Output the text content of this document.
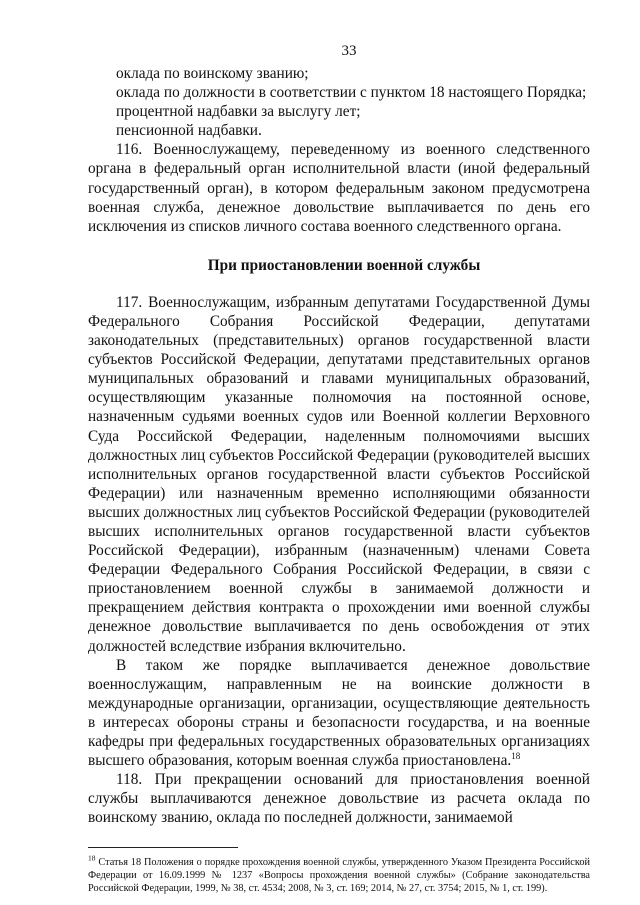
33

оклада по воинскому званию;

оклада по должности в соответствии с пунктом 18 настоящего Порядка;

процентной надбавки за выслугу лет;

пенсионной надбавки.

116. Военнослужащему, переведенному из военного следственного органа в федеральный орган исполнительной власти (иной федеральный государственный орган), в котором федеральным законом предусмотрена военная служба, денежное довольствие выплачивается по день его исключения из списков личного состава военного следственного органа.

При приостановлении военной службы

117. Военнослужащим, избранным депутатами Государственной Думы Федерального Собрания Российской Федерации, депутатами законодательных (представительных) органов государственной власти субъектов Российской Федерации, депутатами представительных органов муниципальных образований и главами муниципальных образований, осуществляющим указанные полномочия на постоянной основе, назначенным судьями военных судов или Военной коллегии Верховного Суда Российской Федерации, наделенным полномочиями высших должностных лиц субъектов Российской Федерации (руководителей высших исполнительных органов государственной власти субъектов Российской Федерации) или назначенным временно исполняющими обязанности высших должностных лиц субъектов Российской Федерации (руководителей высших исполнительных органов государственной власти субъектов Российской Федерации), избранным (назначенным) членами Совета Федерации Федерального Собрания Российской Федерации, в связи с приостановлением военной службы в занимаемой должности и прекращением действия контракта о прохождении ими военной службы денежное довольствие выплачивается по день освобождения от этих должностей вследствие избрания включительно.

В таком же порядке выплачивается денежное довольствие военнослужащим, направленным не на воинские должности в международные организации, организации, осуществляющие деятельность в интересах обороны страны и безопасности государства, и на военные кафедры при федеральных государственных образовательных организациях высшего образования, которым военная служба приостановлена.$^{18}$

118. При прекращении оснований для приостановления военной службы выплачиваются денежное довольствие из расчета оклада по воинскому званию, оклада по последней должности, занимаемой

$^{18}$ Статья 18 Положения о порядке прохождения военной службы, утвержденного Указом Президента Российской Федерации от 16.09.1999 № 1237 «Вопросы прохождения военной службы» (Собрание законодательства Российской Федерации, 1999, № 38, ст. 4534; 2008, № 3, ст. 169; 2014, № 27, ст. 3754; 2015, № 1, ст. 199).
